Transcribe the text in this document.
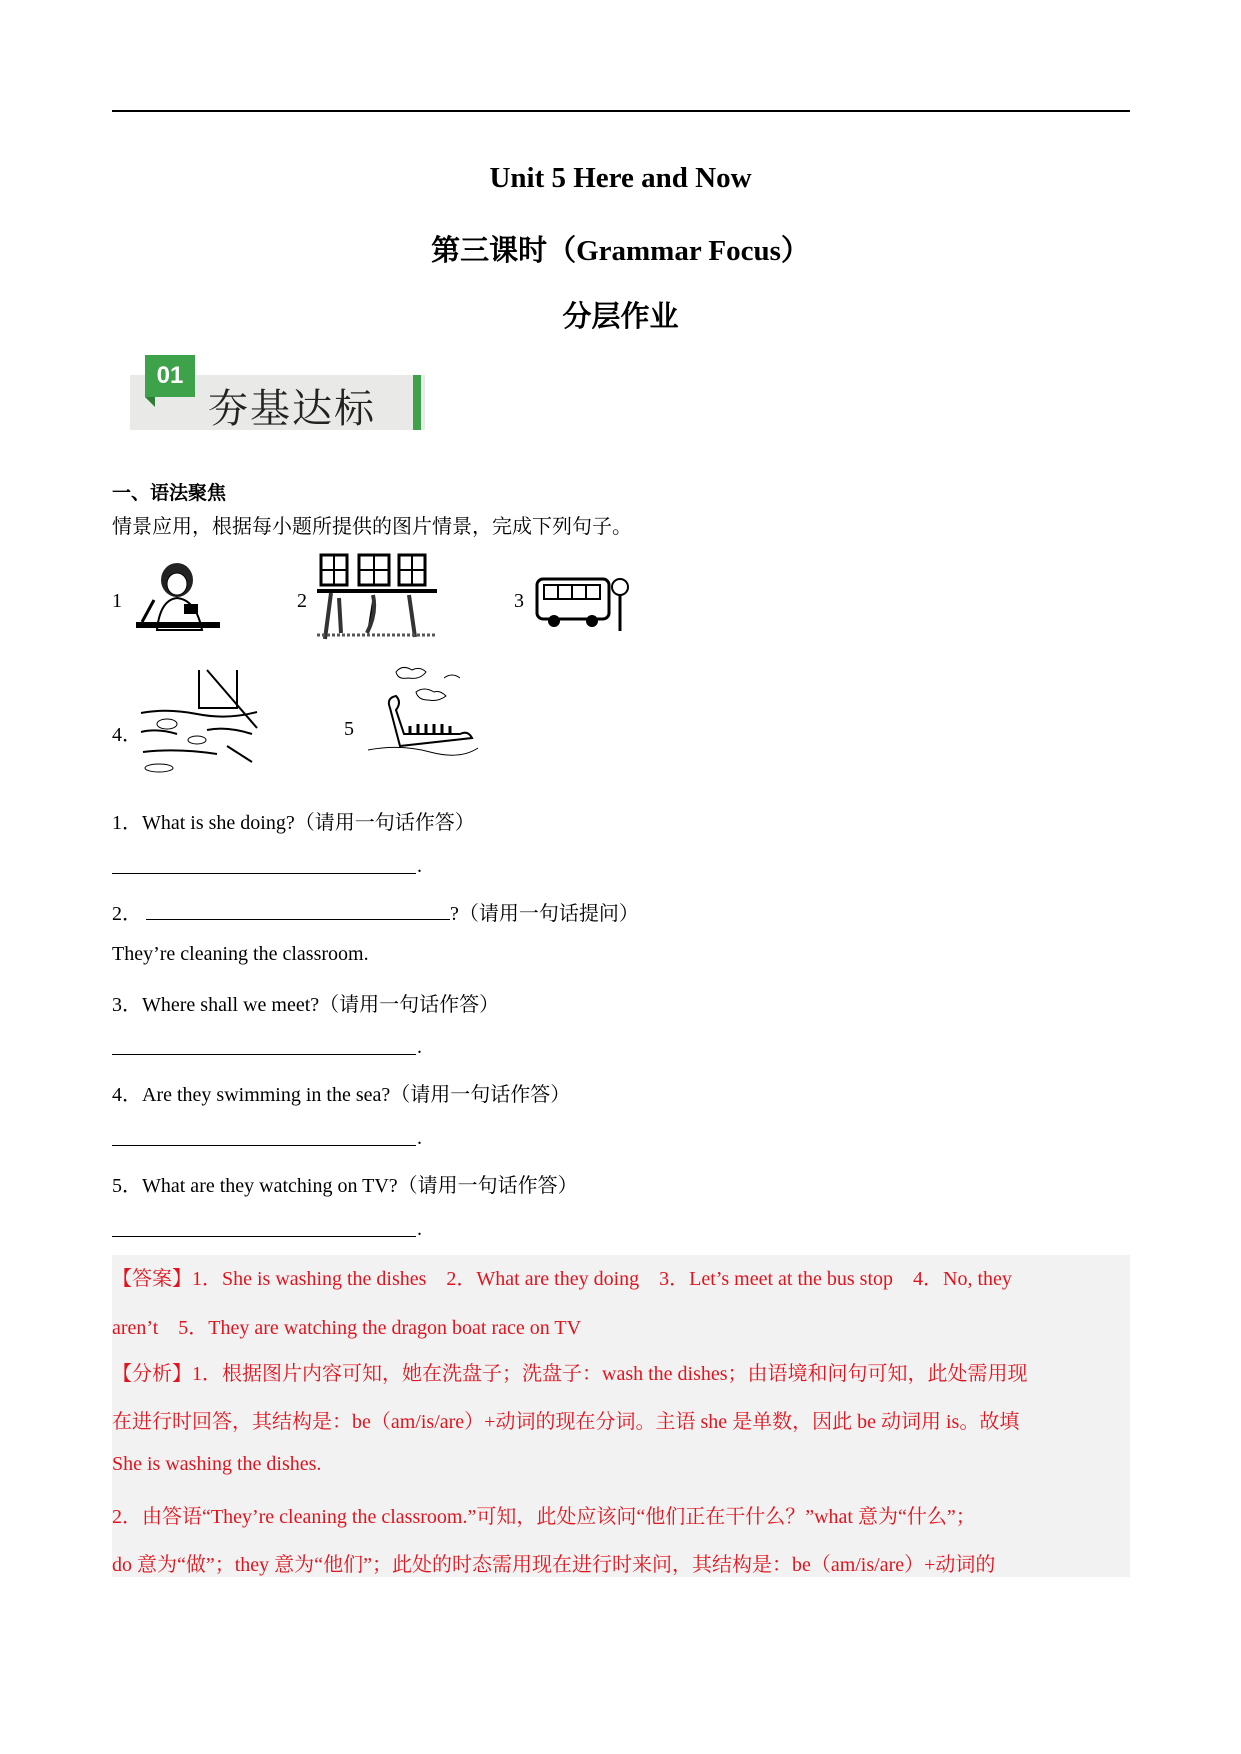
Unit 5 Here and Now
第三课时（Grammar Focus）
分层作业
01
夯基达标
一、语法聚焦
情景应用，根据每小题所提供的图片情景，完成下列句子。
1	2	3
4．	5
1．What is she doing?（请用一句话作答）
.
2．	?（请用一句话提问）
They’re cleaning the classroom.
3．Where shall we meet?（请用一句话作答）
.
4．Are they swimming in the sea?（请用一句话作答）
.
5．What are they watching on TV?（请用一句话作答）
.
【答案】1．She is washing the dishes　2．What are they doing　3．Let’s meet at the bus stop　4．No, they
aren’t　5．They are watching the dragon boat race on TV
【分析】1．根据图片内容可知，她在洗盘子；洗盘子：wash the dishes；由语境和问句可知，此处需用现
在进行时回答，其结构是：be（am/is/are）+动词的现在分词。主语 she 是单数，因此 be 动词用 is。故填
She is washing the dishes.
2．由答语“They’re cleaning the classroom.”可知，此处应该问“他们正在干什么？”what 意为“什么”；
do 意为“做”；they 意为“他们”；此处的时态需用现在进行时来问，其结构是：be（am/is/are）+动词的
